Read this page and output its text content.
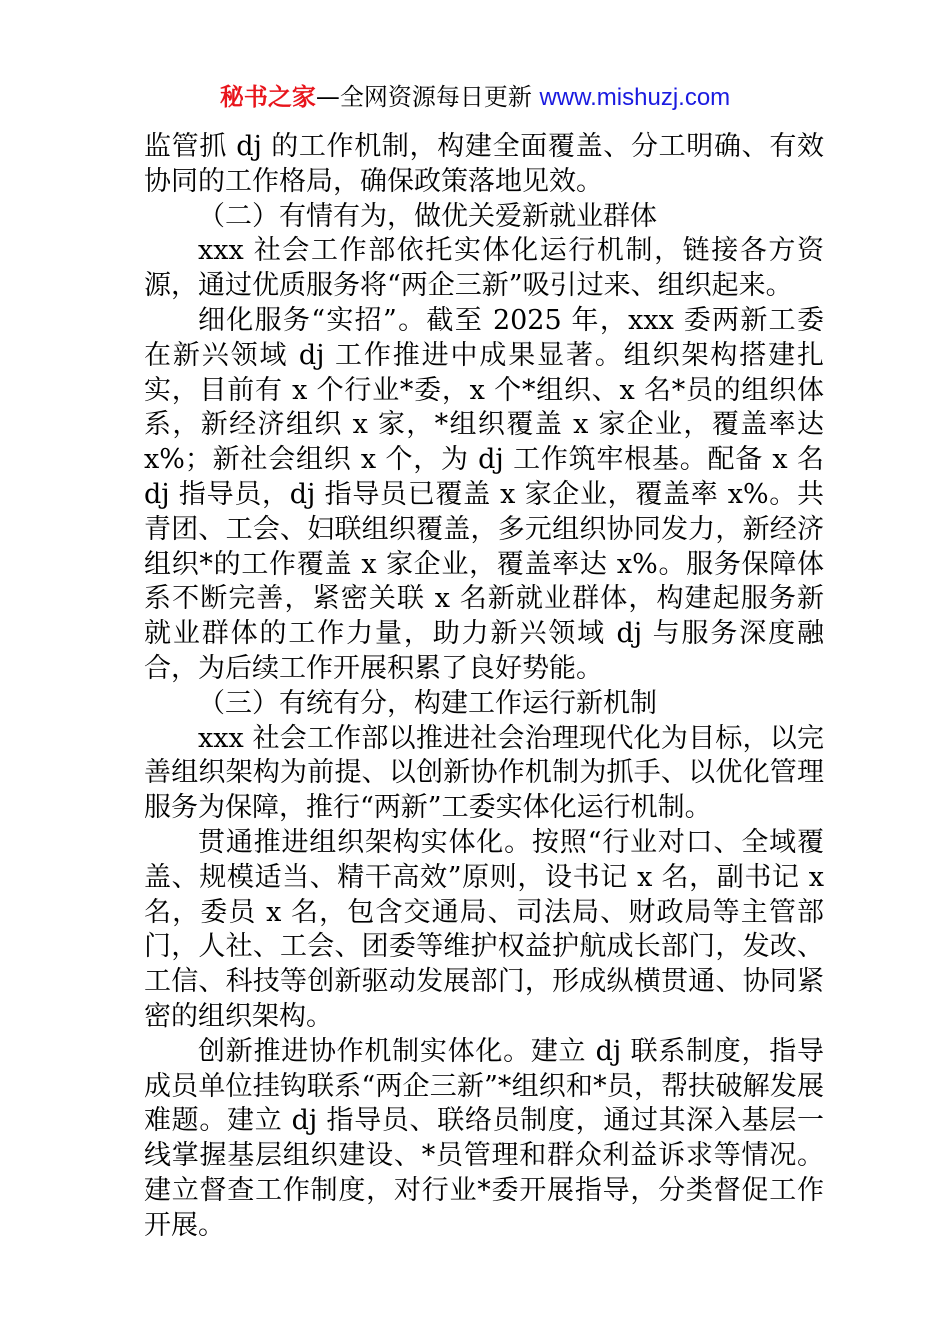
秘书之家—全网资源每日更新 www.mishuzj.com

监管抓 dj 的工作机制，构建全面覆盖、分工明确、有效协同的工作格局，确保政策落地见效。

（二）有情有为，做优关爱新就业群体

xxx 社会工作部依托实体化运行机制，链接各方资源，通过优质服务将“两企三新”吸引过来、组织起来。

细化服务“实招”。截至 2025 年，xxx 委两新工委在新兴领域 dj 工作推进中成果显著。组织架构搭建扎实，目前有 x 个行业*委，x 个*组织、x 名*员的组织体系，新经济组织 x 家，*组织覆盖 x 家企业，覆盖率达 x%；新社会组织 x 个，为 dj 工作筑牢根基。配备 x 名 dj 指导员，dj 指导员已覆盖 x 家企业，覆盖率 x%。共青团、工会、妇联组织覆盖，多元组织协同发力，新经济组织*的工作覆盖 x 家企业，覆盖率达 x%。服务保障体系不断完善，紧密关联 x 名新就业群体，构建起服务新就业群体的工作力量，助力新兴领域 dj 与服务深度融合，为后续工作开展积累了良好势能。

（三）有统有分，构建工作运行新机制

xxx 社会工作部以推进社会治理现代化为目标，以完善组织架构为前提、以创新协作机制为抓手、以优化管理服务为保障，推行“两新”工委实体化运行机制。

贯通推进组织架构实体化。按照“行业对口、全域覆盖、规模适当、精干高效”原则，设书记 x 名，副书记 x 名，委员 x 名，包含交通局、司法局、财政局等主管部门，人社、工会、团委等维护权益护航成长部门，发改、工信、科技等创新驱动发展部门，形成纵横贯通、协同紧密的组织架构。

创新推进协作机制实体化。建立 dj 联系制度，指导成员单位挂钩联系“两企三新”*组织和*员，帮扶破解发展难题。建立 dj 指导员、联络员制度，通过其深入基层一线掌握基层组织建设、*员管理和群众利益诉求等情况。建立督查工作制度，对行业*委开展指导，分类督促工作开展。
